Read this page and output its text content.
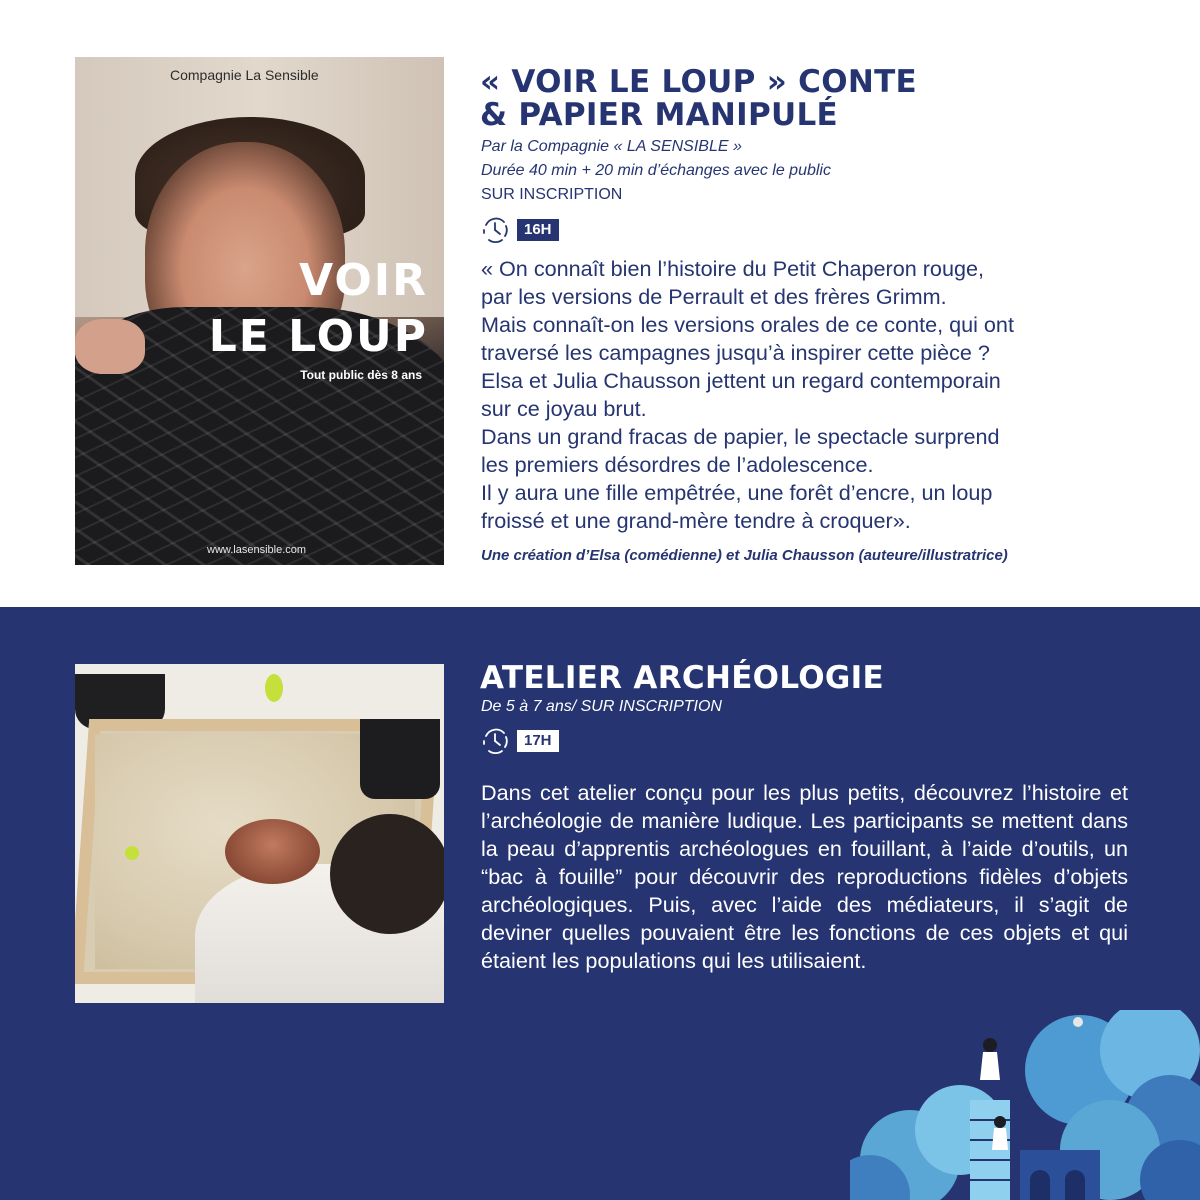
Compagnie La Sensible
VOIR
LE LOUP
Tout public dès 8 ans
www.lasensible.com
« VOIR LE LOUP » CONTE
& PAPIER MANIPULÉ
Par la Compagnie « LA SENSIBLE »
Durée 40 min + 20 min d’échanges avec le public
SUR INSCRIPTION
16H
« On connaît bien l’histoire du Petit Chaperon rouge,
par les versions de Perrault et des frères Grimm.
Mais connaît-on les versions orales de ce conte, qui ont
traversé les campagnes jusqu’à inspirer cette pièce ?
Elsa et Julia Chausson jettent un regard contemporain
sur ce joyau brut.
Dans un grand fracas de papier, le spectacle surprend
les premiers désordres de l’adolescence.
Il y aura une fille empêtrée, une forêt d’encre, un loup
froissé et une grand-mère tendre à croquer».
Une création d’Elsa (comédienne) et Julia Chausson (auteure/illustratrice)
ATELIER ARCHÉOLOGIE
De 5 à 7 ans/ SUR INSCRIPTION
17H
Dans cet atelier conçu pour les plus petits, découvrez l’histoire et l’archéologie de manière ludique. Les participants se mettent dans la peau d’apprentis archéologues en fouillant, à l’aide d’outils, un “bac à fouille” pour découvrir des reproductions fidèles d’objets archéologiques. Puis, avec l’aide des médiateurs, il s’agit de deviner quelles pouvaient être les fonctions de ces objets et qui étaient les populations qui les utilisaient.
